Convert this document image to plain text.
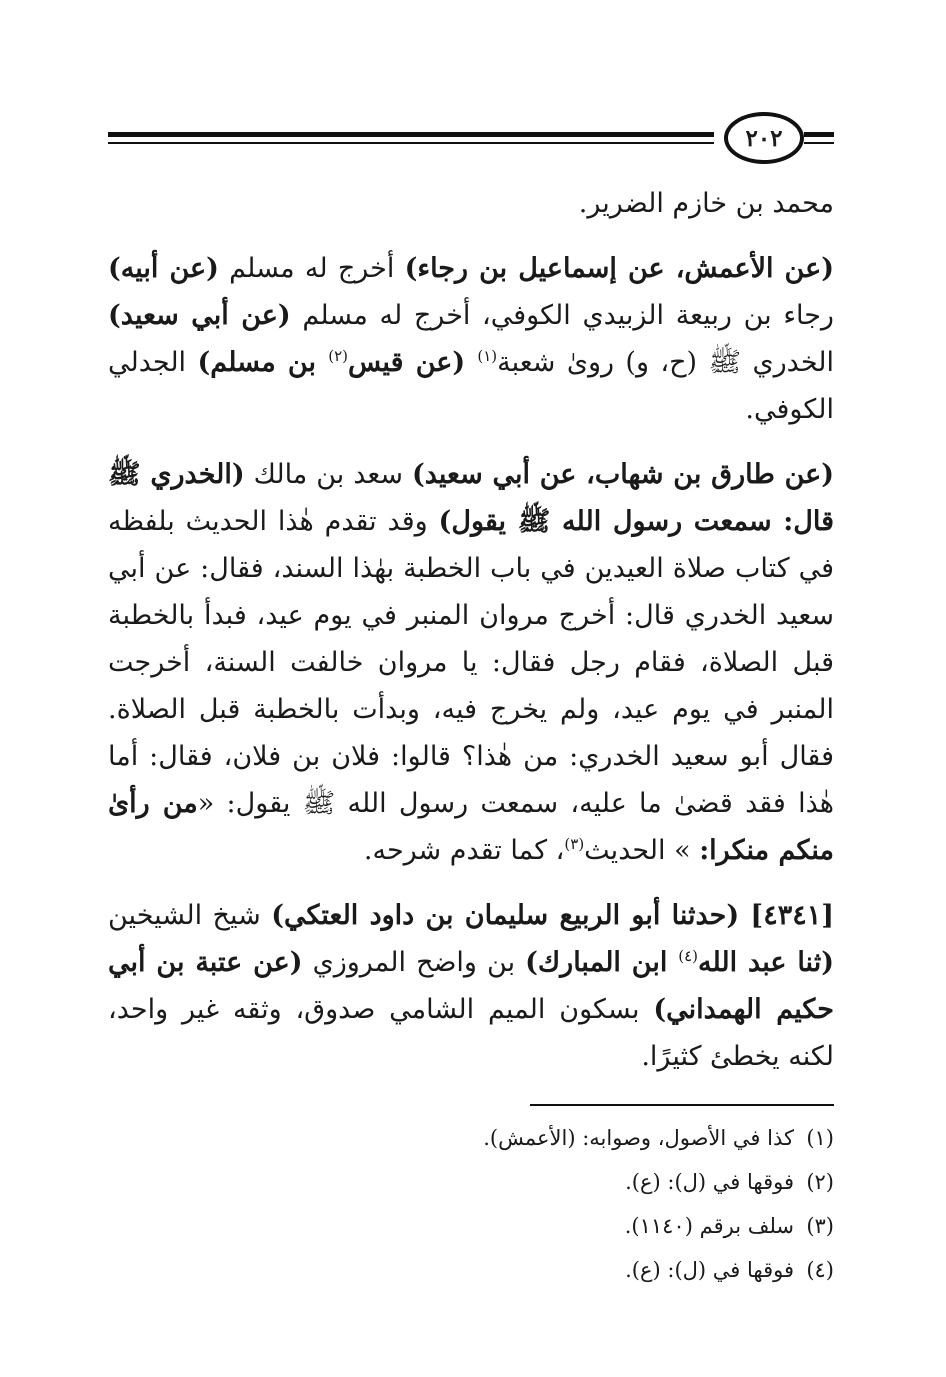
٢٠٢

محمد بن خازم الضرير.

(عن الأعمش، عن إسماعيل بن رجاء) أخرج له مسلم (عن أبيه) رجاء بن ربيعة الزبيدي الكوفي، أخرج له مسلم (عن أبي سعيد) الخدري ﷺ (ح، و) روىٰ شعبة$^{(١)}$ (عن قيس$^{(٢)}$ بن مسلم) الجدلي الكوفي.

(عن طارق بن شهاب، عن أبي سعيد) سعد بن مالك (الخدري ﷺ قال: سمعت رسول الله ﷺ يقول) وقد تقدم هٰذا الحديث بلفظه في كتاب صلاة العيدين في باب الخطبة بهٰذا السند، فقال: عن أبي سعيد الخدري قال: أخرج مروان المنبر في يوم عيد، فبدأ بالخطبة قبل الصلاة، فقام رجل فقال: يا مروان خالفت السنة، أخرجت المنبر في يوم عيد، ولم يخرج فيه، وبدأت بالخطبة قبل الصلاة. فقال أبو سعيد الخدري: من هٰذا؟ قالوا: فلان بن فلان، فقال: أما هٰذا فقد قضىٰ ما عليه، سمعت رسول الله ﷺ يقول: «من رأىٰ منكم منكرا: » الحديث$^{(٣)}$، كما تقدم شرحه.

[٤٣٤١] (حدثنا أبو الربيع سليمان بن داود العتكي) شيخ الشيخين (ثنا عبد الله$^{(٤)}$ ابن المبارك) بن واضح المروزي (عن عتبة بن أبي حكيم الهمداني) بسكون الميم الشامي صدوق، وثقه غير واحد، لكنه يخطئ كثيرًا.

(١)كذا في الأصول، وصوابه: (الأعمش).
(٢)فوقها في (ل): (ع).
(٣)سلف برقم (١١٤٠).
(٤)فوقها في (ل): (ع).
